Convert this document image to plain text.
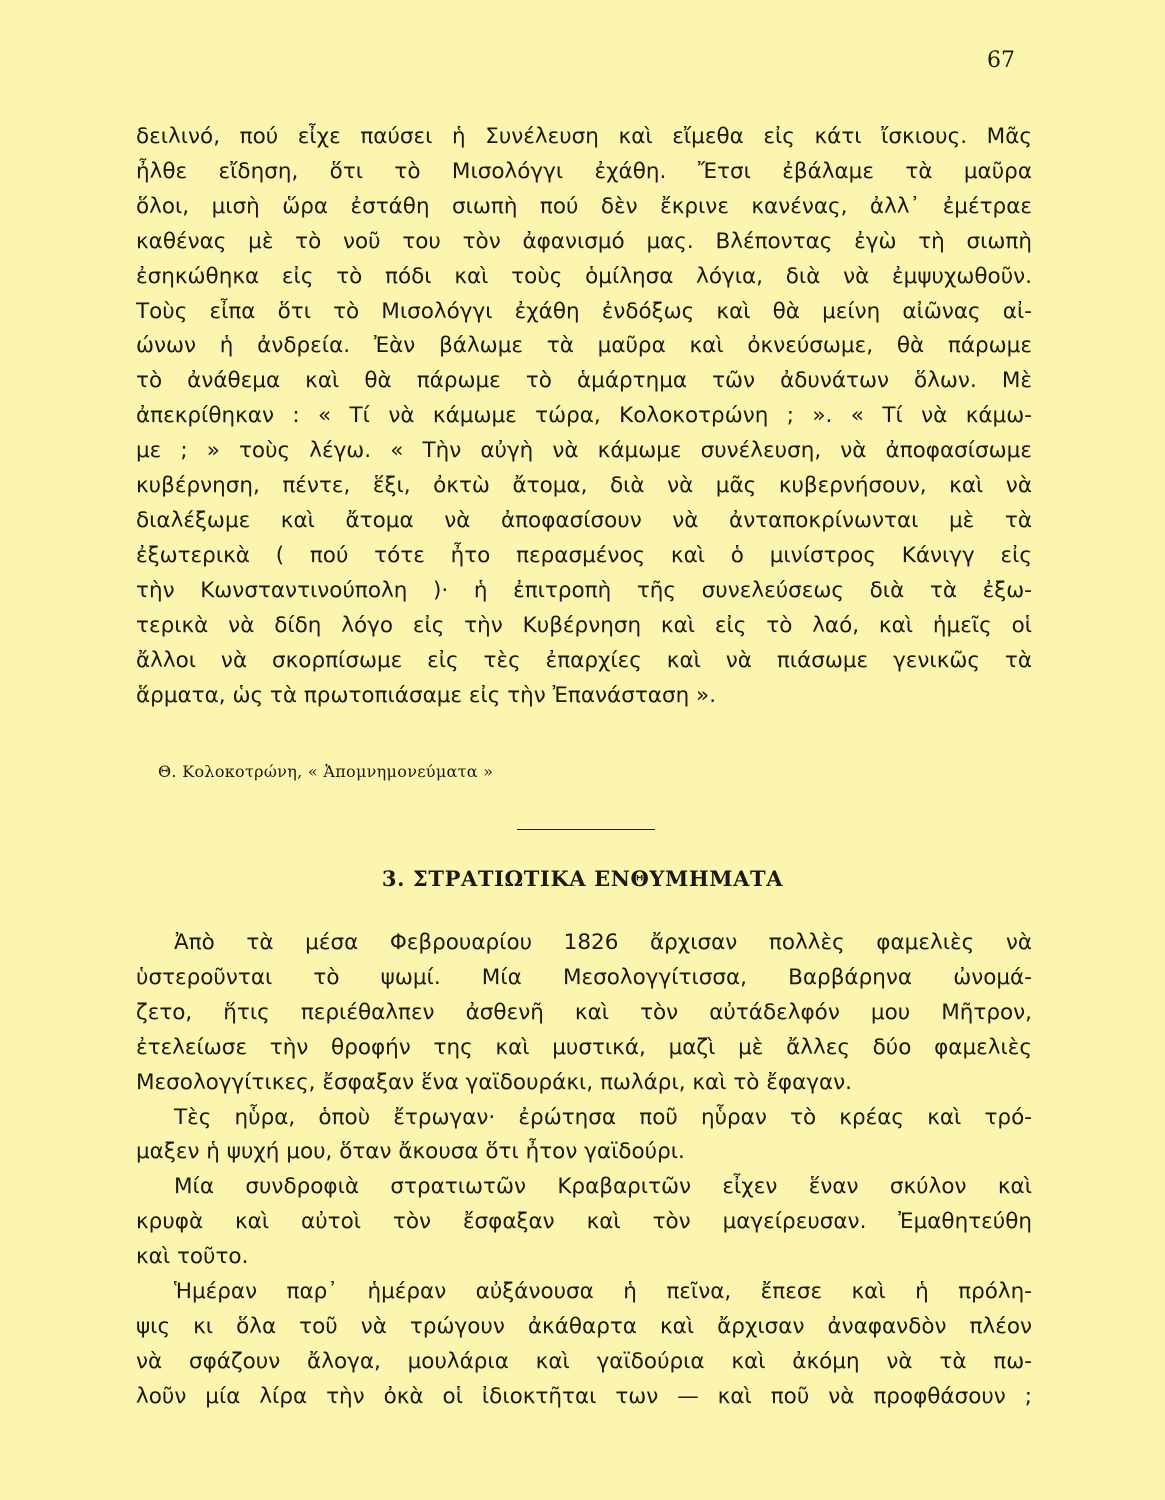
67
δειλινό, πού εἶχε παύσει ἡ Συνέλευση καὶ εἴμεθα εἰς κάτι ἴσκιους. Μᾶς
ἦλθε εἴδηση, ὅτι τὸ Μισολόγγι ἐχάθη. Ἔτσι ἐβάλαμε τὰ μαῦρα
ὅλοι, μισὴ ὥρα ἐστάθη σιωπὴ πού δὲν ἔκρινε κανένας, ἀλλ᾿ ἐμέτραε
καθένας μὲ τὸ νοῦ του τὸν ἀφανισμό μας. Βλέποντας ἐγὼ τὴ σιωπὴ
ἐσηκώθηκα εἰς τὸ πόδι καὶ τοὺς ὁμίλησα λόγια, διὰ νὰ ἐμψυχωθοῦν.
Τοὺς εἶπα ὅτι τὸ Μισολόγγι ἐχάθη ἐνδόξως καὶ θὰ μείνη αἰῶνας αἰ-
ώνων ἡ ἀνδρεία. Ἐὰν βάλωμε τὰ μαῦρα καὶ ὀκνεύσωμε, θὰ πάρωμε
τὸ ἀνάθεμα καὶ θὰ πάρωμε τὸ ἁμάρτημα τῶν ἀδυνάτων ὅλων. Μὲ
ἀπεκρίθηκαν : « Τί νὰ κάμωμε τώρα, Κολοκοτρώνη ; ». « Τί νὰ κάμω-
με ; » τοὺς λέγω. « Τὴν αὐγὴ νὰ κάμωμε συνέλευση, νὰ ἀποφασίσωμε
κυβέρνηση, πέντε, ἕξι, ὀκτὼ ἄτομα, διὰ νὰ μᾶς κυβερνήσουν, καὶ νὰ
διαλέξωμε καὶ ἄτομα νὰ ἀποφασίσουν νὰ ἀνταποκρίνωνται μὲ τὰ
ἐξωτερικὰ ( πού τότε ἦτο περασμένος καὶ ὁ μινίστρος Κάνιγγ εἰς
τὴν Κωνσταντινούπολη )· ἡ ἐπιτροπὴ τῆς συνελεύσεως διὰ τὰ ἐξω-
τερικὰ νὰ δίδη λόγο εἰς τὴν Κυβέρνηση καὶ εἰς τὸ λαό, καὶ ἡμεῖς οἱ
ἄλλοι νὰ σκορπίσωμε εἰς τὲς ἐπαρχίες καὶ νὰ πιάσωμε γενικῶς τὰ
ἅρματα, ὡς τὰ πρωτοπιάσαμε εἰς τὴν Ἐπανάσταση ».
Θ. Κολοκοτρώνη, « Ἀπομνημονεύματα »
3. ΣΤΡΑΤΙΩΤΙΚΑ ΕΝΘΥΜΗΜΑΤΑ
Ἀπὸ τὰ μέσα Φεβρουαρίου 1826 ἄρχισαν πολλὲς φαμελιὲς νὰ
ὑστεροῦνται τὸ ψωμί. Μία Μεσολογγίτισσα, Βαρβάρηνα ὠνομά-
ζετο, ἥτις περιέθαλπεν ἀσθενῆ καὶ τὸν αὐτάδελφόν μου Μῆτρον,
ἐτελείωσε τὴν θροφήν της καὶ μυστικά, μαζὶ μὲ ἄλλες δύο φαμελιὲς
Μεσολογγίτικες, ἔσφαξαν ἕνα γαϊδουράκι, πωλάρι, καὶ τὸ ἔφαγαν.
Τὲς ηὗρα, ὁποὺ ἔτρωγαν· ἐρώτησα ποῦ ηὗραν τὸ κρέας καὶ τρό-
μαξεν ἡ ψυχή μου, ὅταν ἄκουσα ὅτι ἦτον γαϊδούρι.
Μία συνδροφιὰ στρατιωτῶν Κραβαριτῶν εἶχεν ἕναν σκύλον καὶ
κρυφὰ καὶ αὐτοὶ τὸν ἔσφαξαν καὶ τὸν μαγείρευσαν. Ἐμαθητεύθη
καὶ τοῦτο.
Ἡμέραν παρ᾿ ἡμέραν αὐξάνουσα ἡ πεῖνα, ἔπεσε καὶ ἡ πρόλη-
ψις κι ὅλα τοῦ νὰ τρώγουν ἀκάθαρτα καὶ ἄρχισαν ἀναφανδὸν πλέον
νὰ σφάζουν ἄλογα, μουλάρια καὶ γαϊδούρια καὶ ἀκόμη νὰ τὰ πω-
λοῦν μία λίρα τὴν ὀκὰ οἱ ἰδιοκτῆται των — καὶ ποῦ νὰ προφθάσουν ;
